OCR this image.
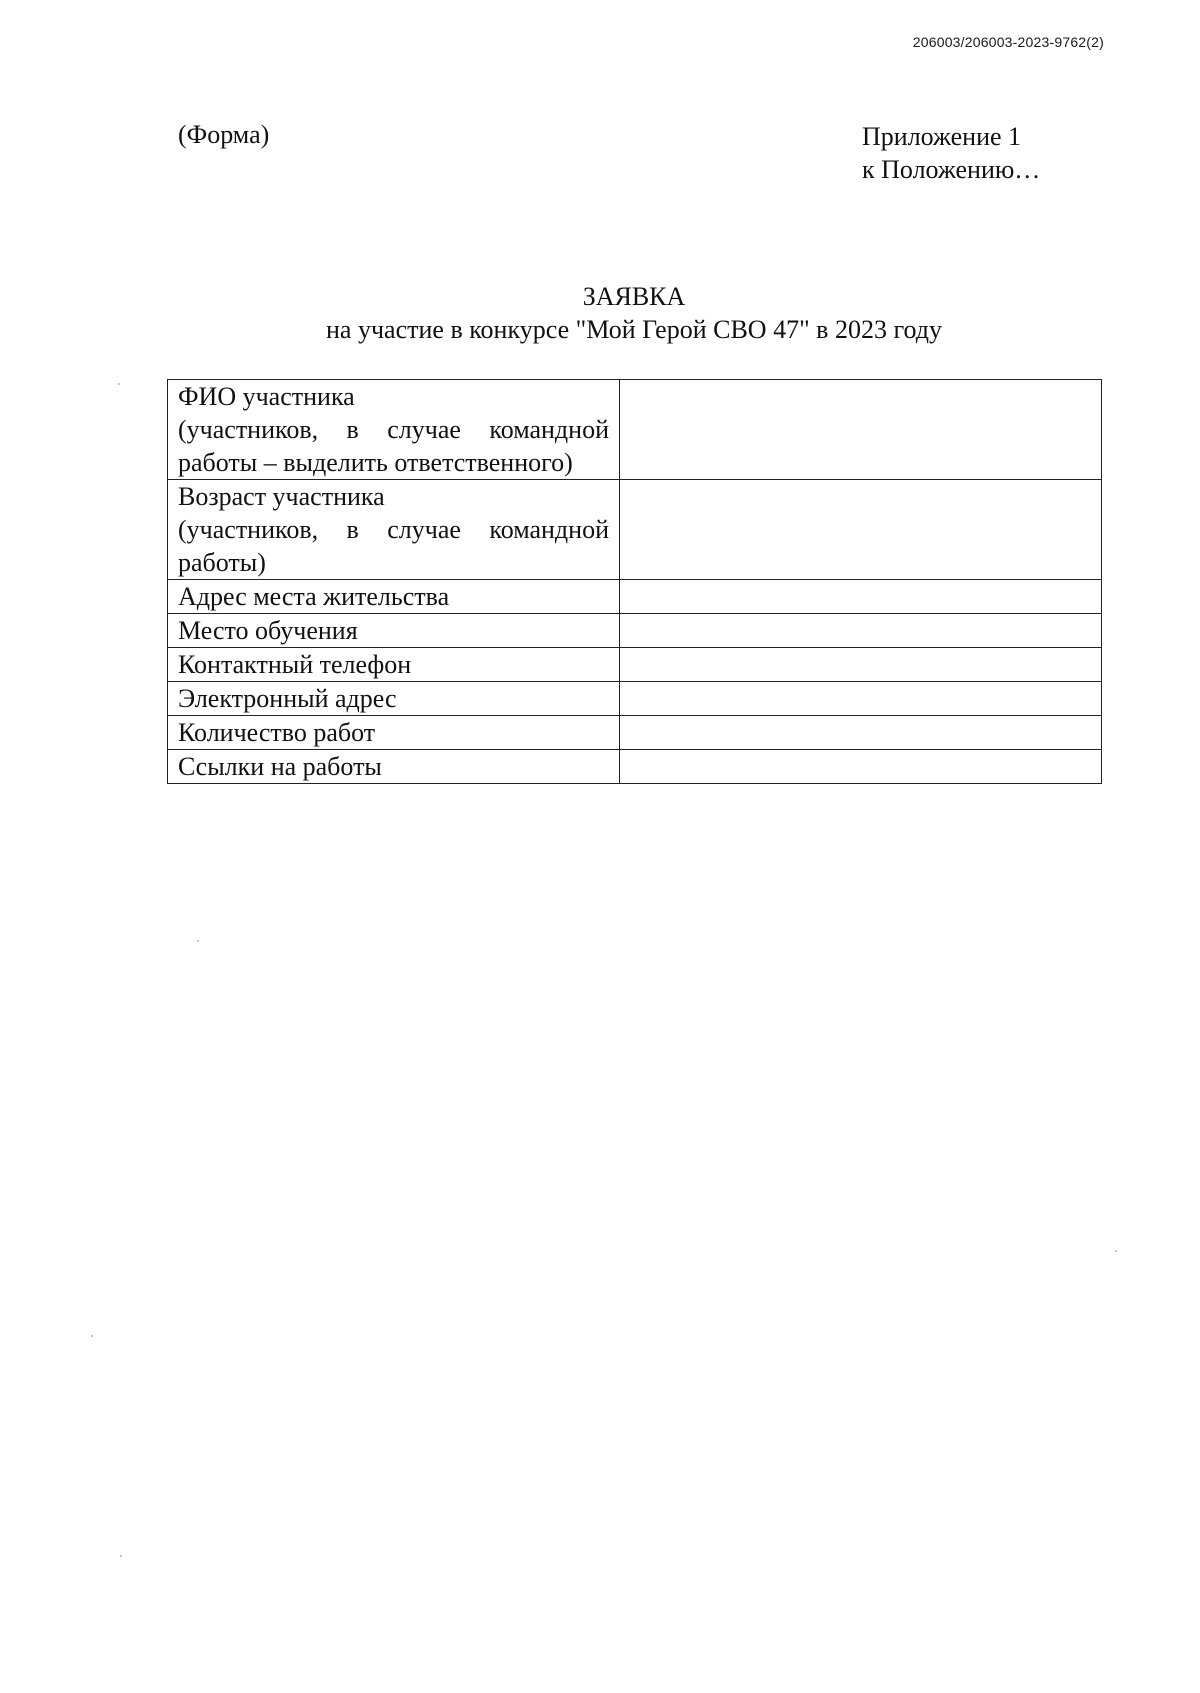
206003/206003-2023-9762(2)
(Форма)	Приложение 1
к Положению…
ЗАЯВКА
на участие в конкурсе "Мой Герой СВО 47" в 2023 году
ФИО участника
(участников, в случае командной
работы – выделить ответственного)	

Возраст участника
(участников, в случае командной
работы)	

Адрес места жительства	
Место обучения	
Контактный телефон	
Электронный адрес	
Количество работ	
Ссылки на работы	
